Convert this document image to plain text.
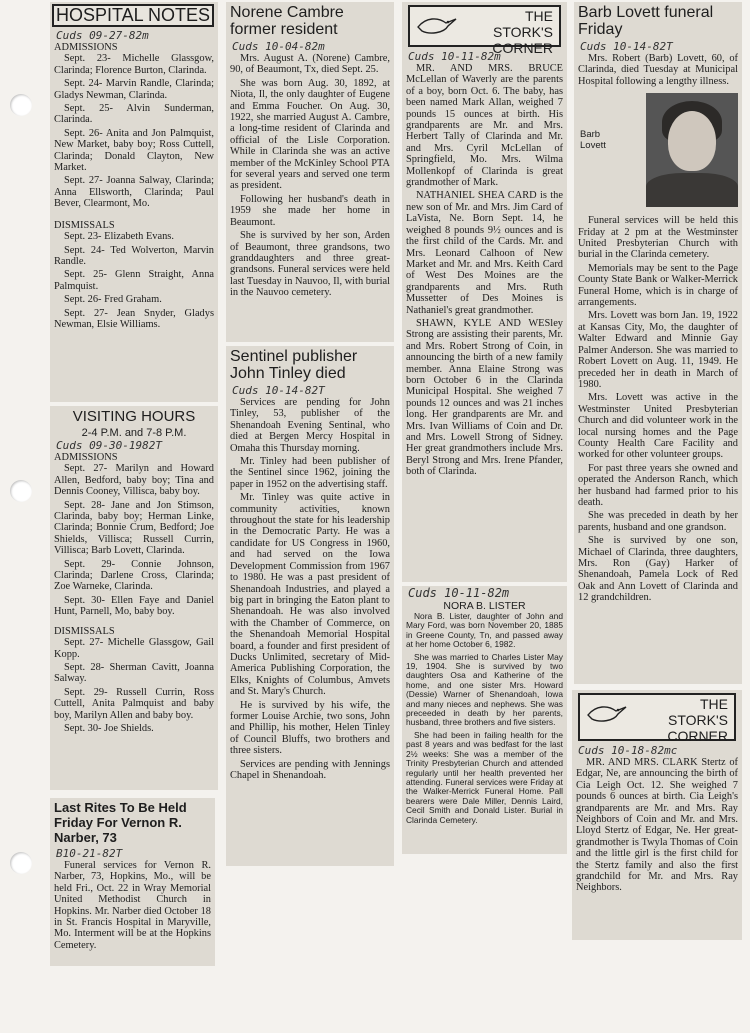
HOSPITAL NOTES
Cuds 09-27-82m
ADMISSIONS

Sept. 23- Michelle Glassgow, Clarinda; Florence Burton, Clarinda.

Sept. 24- Marvin Randle, Clarinda; Gladys Newman, Clarinda.

Sept. 25- Alvin Sunderman, Clarinda.

Sept. 26- Anita and Jon Palmquist, New Market, baby boy; Ross Cuttell, Clarinda; Donald Clayton, New Market.

Sept. 27- Joanna Salway, Clarinda; Anna Ellsworth, Clarinda; Paul Bever, Clearmont, Mo.

DISMISSALS

Sept. 23- Elizabeth Evans.

Sept. 24- Ted Wolverton, Marvin Randle.

Sept. 25- Glenn Straight, Anna Palmquist.

Sept. 26- Fred Graham.

Sept. 27- Jean Snyder, Gladys Newman, Elsie Williams.

VISITING HOURS
2-4 P.M. and 7-8 P.M.
Cuds 09-30-1982T
ADMISSIONS

Sept. 27- Marilyn and Howard Allen, Bedford, baby boy; Tina and Dennis Cooney, Villisca, baby boy.

Sept. 28- Jane and Jon Stimson, Clarinda, baby boy; Herman Linke, Clarinda; Bonnie Crum, Bedford; Joe Shields, Villisca; Russell Currin, Villisca; Barb Lovett, Clarinda.

Sept. 29- Connie Johnson, Clarinda; Darlene Cross, Clarinda; Zoe Warneke, Clarinda.

Sept. 30- Ellen Faye and Daniel Hunt, Parnell, Mo, baby boy.

DISMISSALS

Sept. 27- Michelle Glassgow, Gail Kopp.

Sept. 28- Sherman Cavitt, Joanna Salway.

Sept. 29- Russell Currin, Ross Cuttell, Anita Palmquist and baby boy, Marilyn Allen and baby boy.

Sept. 30- Joe Shields.

Last Rites To Be Held Friday For Vernon R. Narber, 73
B10-21-82T

Funeral services for Vernon R. Narber, 73, Hopkins, Mo., will be held Fri., Oct. 22 in Wray Memorial United Methodist Church in Hopkins. Mr. Narber died October 18 in St. Francis Hospital in Maryville, Mo. Interment will be at the Hopkins Cemetery.

Norene Cambre former resident
Cuds 10-04-82m

Mrs. August A. (Norene) Cambre, 90, of Beaumont, Tx, died Sept. 25.

She was born Aug. 30, 1892, at Niota, Il, the only daughter of Eugene and Emma Foucher. On Aug. 30, 1922, she married August A. Cambre, a long-time resident of Clarinda and official of the Lisle Corporation. While in Clarinda she was an active member of the McKinley School PTA for several years and served one term as president.

Following her husband's death in 1959 she made her home in Beaumont.

She is survived by her son, Arden of Beaumont, three grandsons, two granddaughters and three great-grandsons. Funeral services were held last Tuesday in Nauvoo, Il, with burial in the Nauvoo cemetery.

Sentinel publisher John Tinley died
Cuds 10-14-82T

Services are pending for John Tinley, 53, publisher of the Shenandoah Evening Sentinal, who died at Bergen Mercy Hospital in Omaha this Thursday morning.

Mr. Tinley had been publisher of the Sentinel since 1962, joining the paper in 1952 on the advertising staff.

Mr. Tinley was quite active in community activities, known throughout the state for his leadership in the Democratic Party. He was a candidate for US Congress in 1960, and had served on the Iowa Development Commission from 1967 to 1980. He was a past president of Shenandoah Industries, and played a big part in bringing the Eaton plant to Shenandoah. He was also involved with the Chamber of Commerce, on the Shenandoah Memorial Hospital board, a founder and first president of Ducks Unlimited, secretary of Mid-America Publishing Corporation, the Elks, Knights of Columbus, Amvets and St. Mary's Church.

He is survived by his wife, the former Louise Archie, two sons, John and Phillip, his mother, Helen Tinley of Council Bluffs, two brothers and three sisters.

Services are pending with Jennings Chapel in Shenandoah.

THE
STORK'S
CORNER
Cuds 10-11-82m

MR. AND MRS. BRUCE McLellan of Waverly are the parents of a boy, born Oct. 6. The baby, has been named Mark Allan, weighed 7 pounds 15 ounces at birth. His grandparents are Mr. and Mrs. Herbert Tally of Clarinda and Mr. and Mrs. Cyril McLellan of Springfield, Mo. Mrs. Wilma Mollenkopf of Clarinda is great grandmother of Mark.

NATHANIEL SHEA CARD is the new son of Mr. and Mrs. Jim Card of LaVista, Ne. Born Sept. 14, he weighed 8 pounds 9½ ounces and is the first child of the Cards. Mr. and Mrs. Leonard Calhoon of New Market and Mr. and Mrs. Keith Card of West Des Moines are the grandparents and Mrs. Ruth Mussetter of Des Moines is Nathaniel's great grandmother.

SHAWN, KYLE AND WESley Strong are assisting their parents, Mr. and Mrs. Robert Strong of Coin, in announcing the birth of a new family member. Anna Elaine Strong was born October 6 in the Clarinda Municipal Hospital. She weighed 7 pounds 12 ounces and was 21 inches long. Her grandparents are Mr. and Mrs. Ivan Williams of Coin and Dr. and Mrs. Lowell Strong of Sidney. Her great grandmothers include Mrs. Beryl Strong and Mrs. Irene Pfander, both of Clarinda.

Cuds 10-11-82m
NORA B. LISTER

Nora B. Lister, daughter of John and Mary Ford, was born November 20, 1885 in Greene County, Tn, and passed away at her home October 6, 1982.

She was married to Charles Lister May 19, 1904. She is survived by two daughters Osa and Katherine of the home, and one sister Mrs. Howard (Dessie) Warner of Shenandoah, Iowa and many nieces and nephews. She was preceeded in death by her parents, husband, three brothers and five sisters.

She had been in failing health for the past 8 years and was bedfast for the last 2½ weeks: She was a member of the Trinity Presbyterian Church and attended regularly until her health prevented her attending. Funeral services were Friday at the Walker-Merrick Funeral Home. Pall bearers were Dale Miller, Dennis Laird, Cecil Smith and Donald Lister. Burial in Clarinda Cemetery.

Barb Lovett funeral Friday
Cuds 10-14-82T

Mrs. Robert (Barb) Lovett, 60, of Clarinda, died Tuesday at Municipal Hospital following a lengthy illness.

Barb
Lovett

Funeral services will be held this Friday at 2 pm at the Westminster United Presbyterian Church with burial in the Clarinda cemetery.

Memorials may be sent to the Page County State Bank or Walker-Merrick Funeral Home, which is in charge of arrangements.

Mrs. Lovett was born Jan. 19, 1922 at Kansas City, Mo, the daughter of Walter Edward and Minnie Gay Palmer Anderson. She was married to Robert Lovett on Aug. 11, 1949. He preceded her in death in March of 1980.

Mrs. Lovett was active in the Westminster United Presbyterian Church and did volunteer work in the local nursing homes and the Page County Health Care Facility and worked for other volunteer groups.

For past three years she owned and operated the Anderson Ranch, which her husband had farmed prior to his death.

She was preceded in death by her parents, husband and one grandson.

She is survived by one son, Michael of Clarinda, three daughters, Mrs. Ron (Gay) Harker of Shenandoah, Pamela Lock of Red Oak and Ann Lovett of Clarinda and 12 grandchildren.

THE
STORK'S
CORNER
Cuds 10-18-82mc

MR. AND MRS. CLARK Stertz of Edgar, Ne, are announcing the birth of Cia Leigh Oct. 12. She weighed 7 pounds 6 ounces at birth. Cia Leigh's grandparents are Mr. and Mrs. Ray Neighbors of Coin and Mr. and Mrs. Lloyd Stertz of Edgar, Ne. Her great-grandmother is Twyla Thomas of Coin and the little girl is the first child for the Stertz family and also the first grandchild for Mr. and Mrs. Ray Neighbors.
